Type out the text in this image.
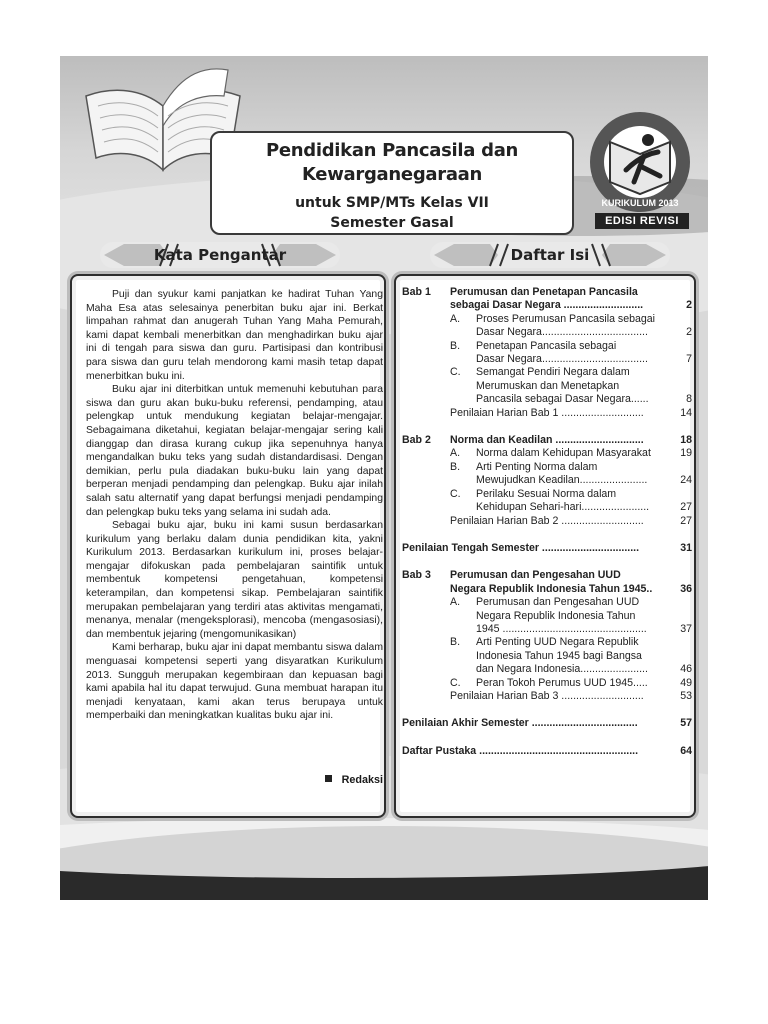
Pendidikan Pancasila dan
Kewarganegaraan
untuk SMP/MTs Kelas VII
Semester Gasal
KURIKULUM 2013
EDISI REVISI
Kata Pengantar	Daftar Isi

Puji dan syukur kami panjatkan ke hadirat Tuhan Yang Maha Esa atas selesainya penerbitan buku ajar ini. Berkat limpahan rahmat dan anugerah Tuhan Yang Maha Pemurah, kami dapat kembali menerbitkan dan menghadirkan buku ajar ini di tengah para siswa dan guru. Partisipasi dan kontribusi para siswa dan guru telah mendorong kami masih tetap dapat menerbitkan buku ini.

Buku ajar ini diterbitkan untuk memenuhi kebutuhan para siswa dan guru akan buku-buku referensi, pendamping, atau pelengkap untuk mendukung kegiatan belajar-mengajar. Sebagaimana diketahui, kegiatan belajar-mengajar sering kali dianggap dan dirasa kurang cukup jika sepenuhnya hanya mengandalkan buku teks yang sudah distandardisasi. Dengan demikian, perlu pula diadakan buku-buku lain yang dapat berperan menjadi pendamping dan pelengkap. Buku ajar inilah salah satu alternatif yang dapat berfungsi menjadi pendamping dan pelengkap buku teks yang selama ini sudah ada.

Sebagai buku ajar, buku ini kami susun berdasarkan kurikulum yang berlaku dalam dunia pendidikan kita, yakni Kurikulum 2013. Berdasarkan kurikulum ini, proses belajar-mengajar difokuskan pada pembelajaran saintifik untuk membentuk kompetensi pengetahuan, kompetensi keterampilan, dan kompetensi sikap. Pembelajaran saintifik merupakan pembelajaran yang terdiri atas aktivitas mengamati, menanya, menalar (mengeksplorasi), mencoba (mengasosiasi), dan membentuk jejaring (mengomunikasikan)

Kami berharap, buku ajar ini dapat membantu siswa dalam menguasai kompetensi seperti yang disyaratkan Kurikulum 2013. Sungguh merupakan kegembiraan dan kepuasan bagi kami apabila hal itu dapat terwujud. Guna membuat harapan itu menjadi kenyataan, kami akan terus berupaya untuk memperbaiki dan meningkatkan kualitas buku ajar ini.

Redaksi
Bab 1 Perumusan dan Penetapan Pancasila
sebagai Dasar Negara ...........................	2
A. Proses Perumusan Pancasila sebagai
Dasar Negara....................................	2
B. Penetapan Pancasila sebagai
Dasar Negara....................................	7
C. Semangat Pendiri Negara dalam
Merumuskan dan Menetapkan
Pancasila sebagai Dasar Negara......	8
Penilaian Harian Bab 1 ............................	14
Bab 2 Norma dan Keadilan ..............................	18
A. Norma dalam Kehidupan Masyarakat	19
B. Arti Penting Norma dalam
Mewujudkan Keadilan.......................	24
C. Perilaku Sesuai Norma dalam
Kehidupan Sehari-hari.......................	27
Penilaian Harian Bab 2 ............................	27
Penilaian Tengah Semester .................................	31
Bab 3 Perumusan dan Pengesahan UUD
Negara Republik Indonesia Tahun 1945..	36
A. Perumusan dan Pengesahan UUD
Negara Republik Indonesia Tahun
1945 .................................................	37
B. Arti Penting UUD Negara Republik
Indonesia Tahun 1945 bagi Bangsa
dan Negara Indonesia.......................	46
C. Peran Tokoh Perumus UUD 1945.....	49
Penilaian Harian Bab 3 ............................	53
Penilaian Akhir Semester ....................................	57
Daftar Pustaka ......................................................	64
